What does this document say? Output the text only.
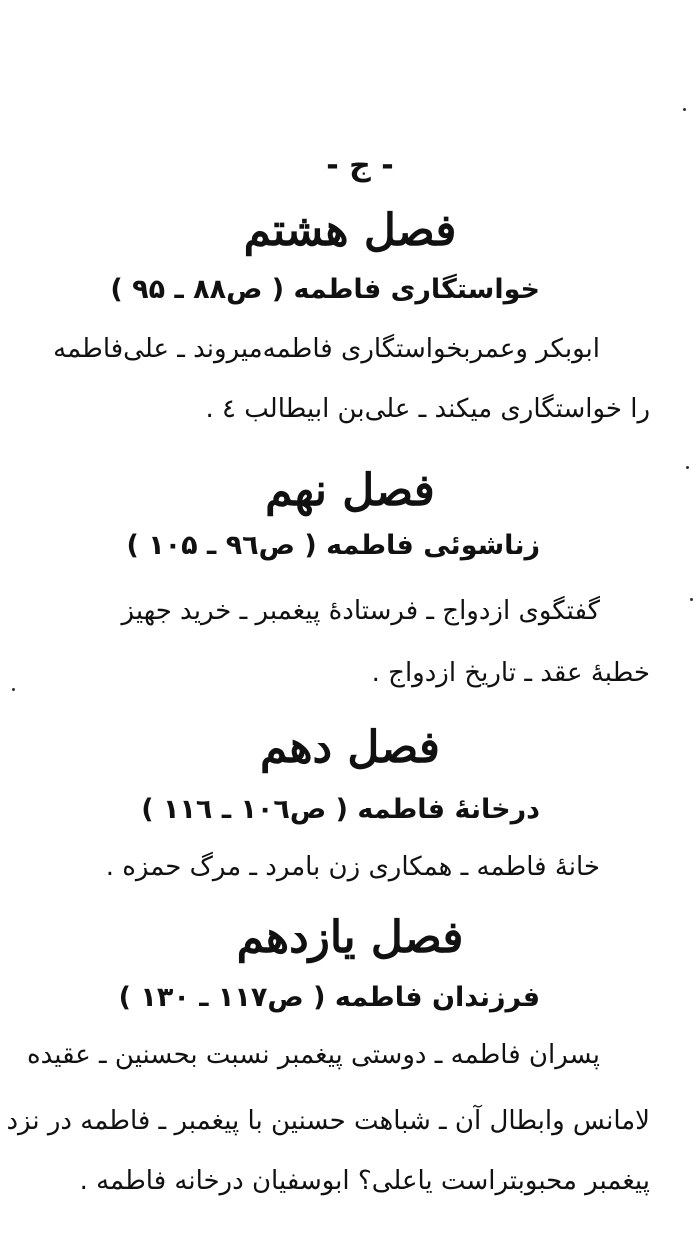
- ج -
فصل هشتم
خواستگاری فاطمه ( ص۸۸ ـ ۹۵ )
ابوبکر وعمربخواستگاری فاطمه‌میروند ـ علی‌فاطمه
را خواستگاری میکند ـ علی‌بن ابیطالب ٤ .
فصل نهم
زناشوئی فاطمه ( ص۹٦ ـ ۱۰۵ )
گفتگوی ازدواج ـ فرستادهٔ پیغمبر ـ خرید جهیز
خطبهٔ عقد ـ تاریخ ازدواج .
فصل دهم
درخانهٔ فاطمه ( ص۱۰٦ ـ ۱۱٦ )
خانهٔ فاطمه ـ همکاری زن بامرد ـ مرگ حمزه .
فصل یازدهم
فرزندان فاطمه ( ص۱۱۷ ـ ۱۳۰ )
پسران فاطمه ـ دوستی پیغمبر نسبت بحسنین ـ عقیده
لامانس وابطال آن ـ شباهت حسنین با پیغمبر ـ فاطمه در نزد
پیغمبر محبوبتراست یاعلی؟ ابوسفیان درخانه فاطمه .
